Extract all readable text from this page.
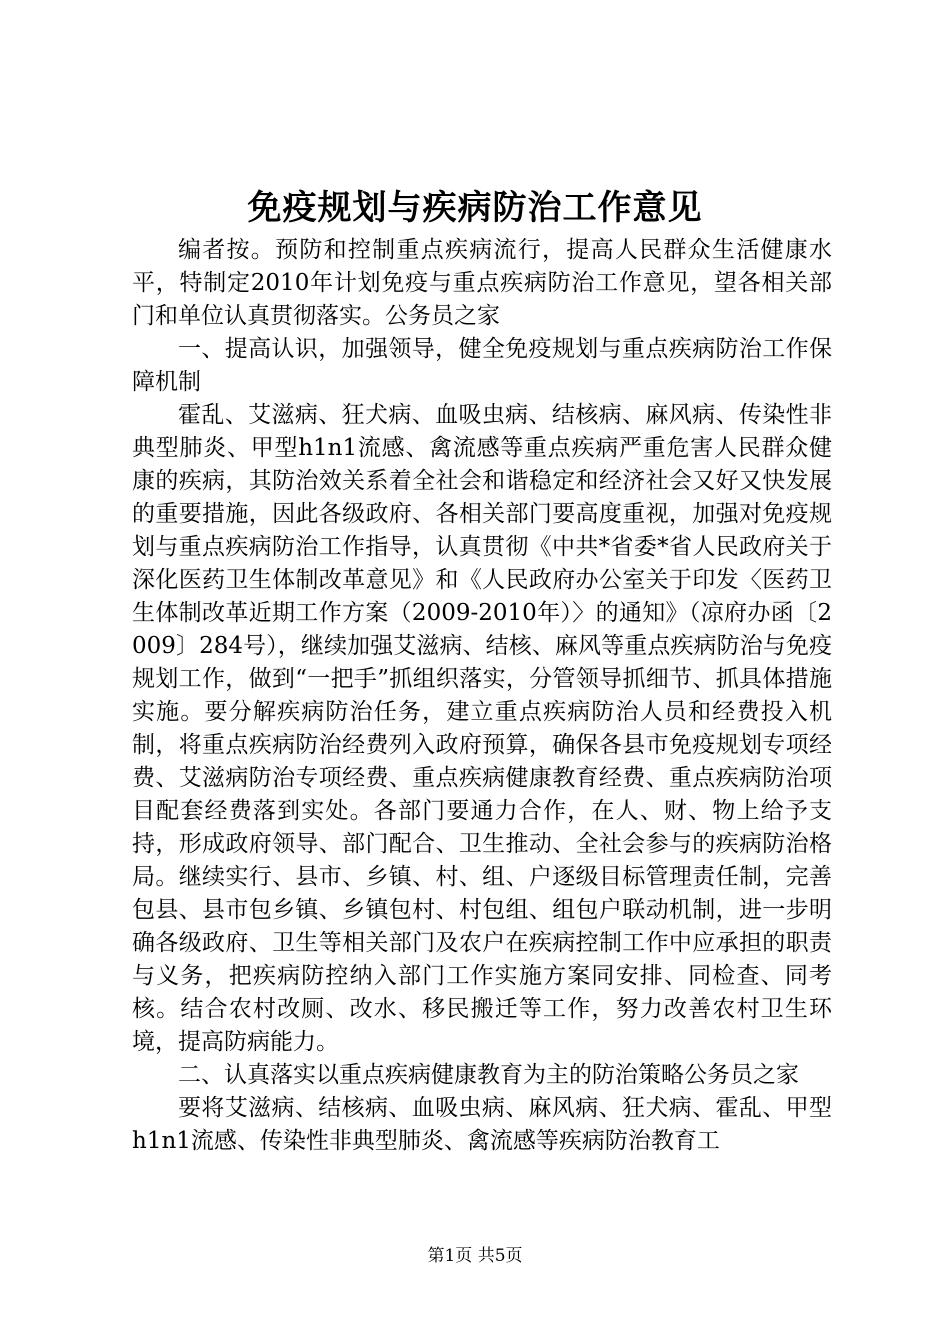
免疫规划与疾病防治工作意见

编者按。预防和控制重点疾病流行，提高人民群众生活健康水平，特制定2010年计划免疫与重点疾病防治工作意见，望各相关部门和单位认真贯彻落实。公务员之家

一、提高认识，加强领导，健全免疫规划与重点疾病防治工作保障机制

霍乱、艾滋病、狂犬病、血吸虫病、结核病、麻风病、传染性非典型肺炎、甲型h1n1流感、禽流感等重点疾病严重危害人民群众健康的疾病，其防治效关系着全社会和谐稳定和经济社会又好又快发展的重要措施，因此各级政府、各相关部门要高度重视，加强对免疫规划与重点疾病防治工作指导，认真贯彻《中共*省委*省人民政府关于深化医药卫生体制改革意见》和《人民政府办公室关于印发〈医药卫生体制改革近期工作方案（2009-2010年）〉的通知》（凉府办函〔2009〕284号），继续加强艾滋病、结核、麻风等重点疾病防治与免疫规划工作，做到“一把手”抓组织落实，分管领导抓细节、抓具体措施实施。要分解疾病防治任务，建立重点疾病防治人员和经费投入机制，将重点疾病防治经费列入政府预算，确保各县市免疫规划专项经费、艾滋病防治专项经费、重点疾病健康教育经费、重点疾病防治项目配套经费落到实处。各部门要通力合作，在人、财、物上给予支持，形成政府领导、部门配合、卫生推动、全社会参与的疾病防治格局。继续实行、县市、乡镇、村、组、户逐级目标管理责任制，完善包县、县市包乡镇、乡镇包村、村包组、组包户联动机制，进一步明确各级政府、卫生等相关部门及农户在疾病控制工作中应承担的职责与义务，把疾病防控纳入部门工作实施方案同安排、同检查、同考核。结合农村改厕、改水、移民搬迁等工作，努力改善农村卫生环境，提高防病能力。

二、认真落实以重点疾病健康教育为主的防治策略公务员之家

要将艾滋病、结核病、血吸虫病、麻风病、狂犬病、霍乱、甲型h1n1流感、传染性非典型肺炎、禽流感等疾病防治教育工

第1页 共5页
